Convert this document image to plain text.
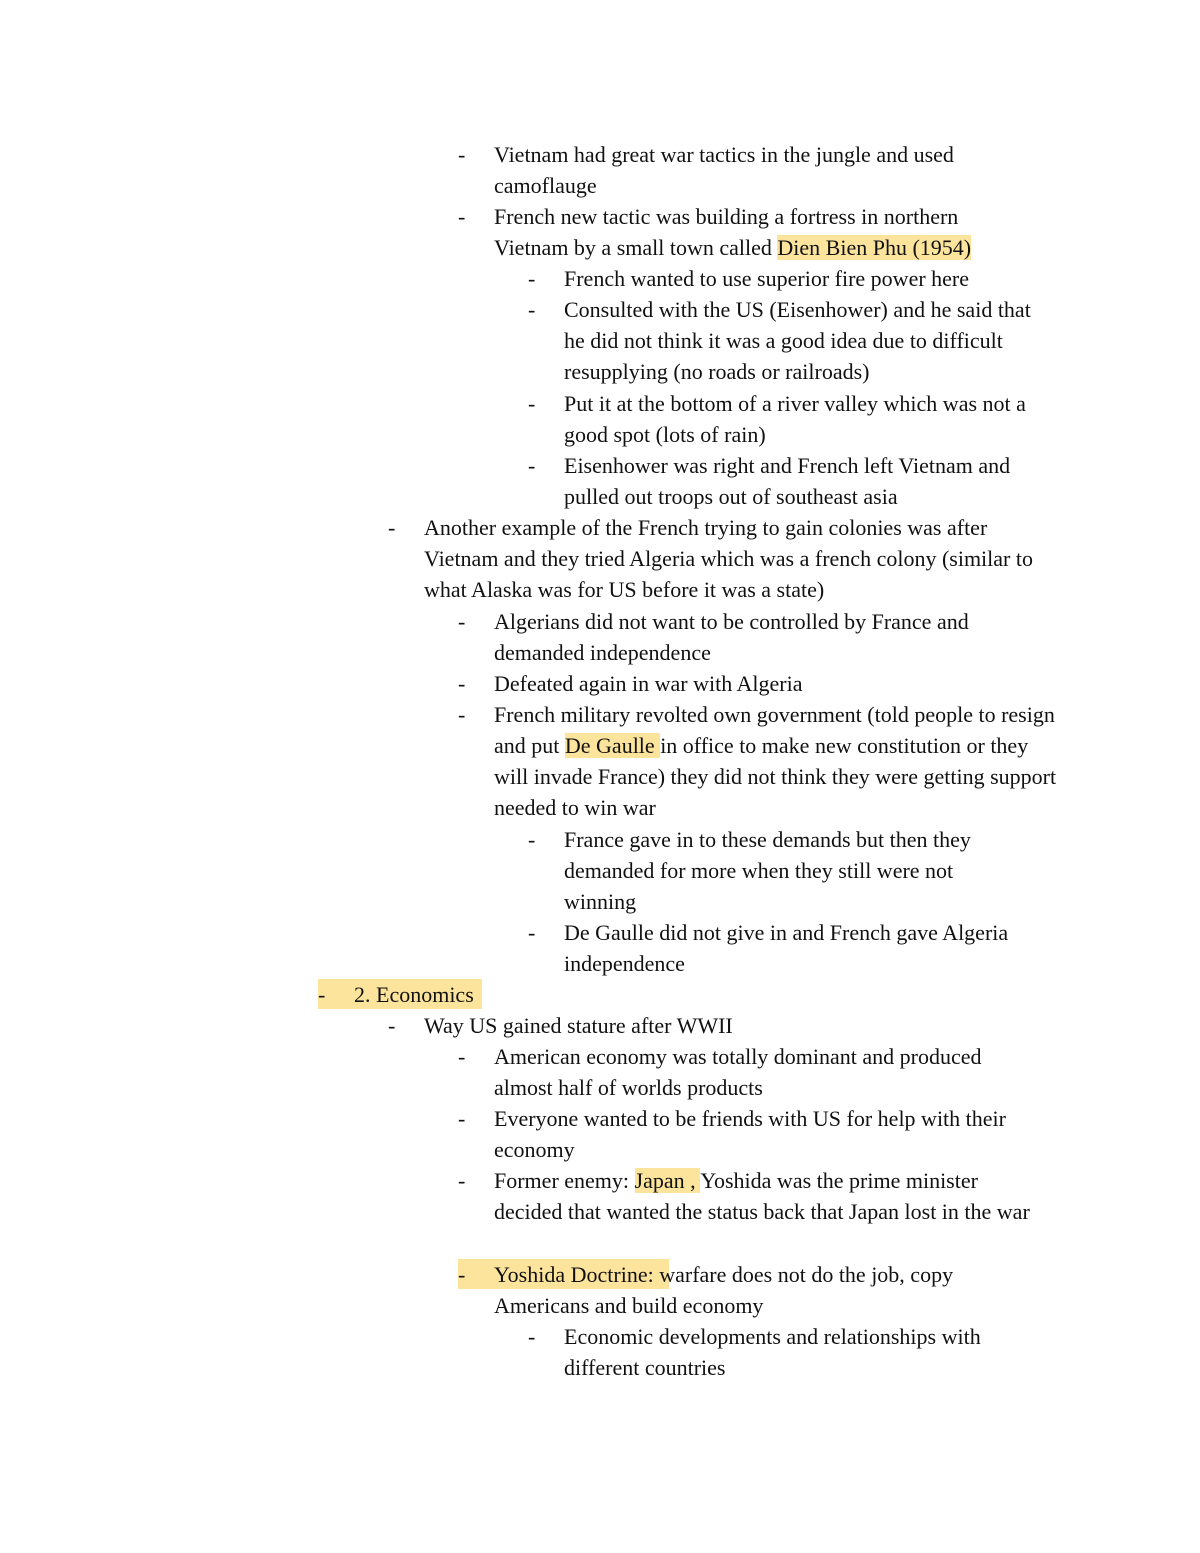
- Vietnam had great war tactics in the jungle and used camoflauge
- French new tactic was building a fortress in northern Vietnam by a small town called Dien Bien Phu (1954)
- French wanted to use superior fire power here
- Consulted with the US (Eisenhower) and he said that he did not think it was a good idea due to difficult resupplying (no roads or railroads)
- Put it at the bottom of a river valley which was not a good spot (lots of rain)
- Eisenhower was right and French left Vietnam and pulled out troops out of southeast asia
- Another example of the French trying to gain colonies was after Vietnam and they tried Algeria which was a french colony (similar to what Alaska was for US before it was a state)
- Algerians did not want to be controlled by France and demanded independence
- Defeated again in war with Algeria
- French military revolted own government (told people to resign and put De Gaulle in office to make new constitution or they will invade France) they did not think they were getting support needed to win war
- France gave in to these demands but then they demanded for more when they still were not winning
- De Gaulle did not give in and French gave Algeria independence
- 2. Economics
- Way US gained stature after WWII
- American economy was totally dominant and produced almost half of worlds products
- Everyone wanted to be friends with US for help with their economy
- Former enemy: Japan , Yoshida was the prime minister decided that wanted the status back that Japan lost in the war
- Yoshida Doctrine: warfare does not do the job, copy Americans and build economy
- Economic developments and relationships with different countries
